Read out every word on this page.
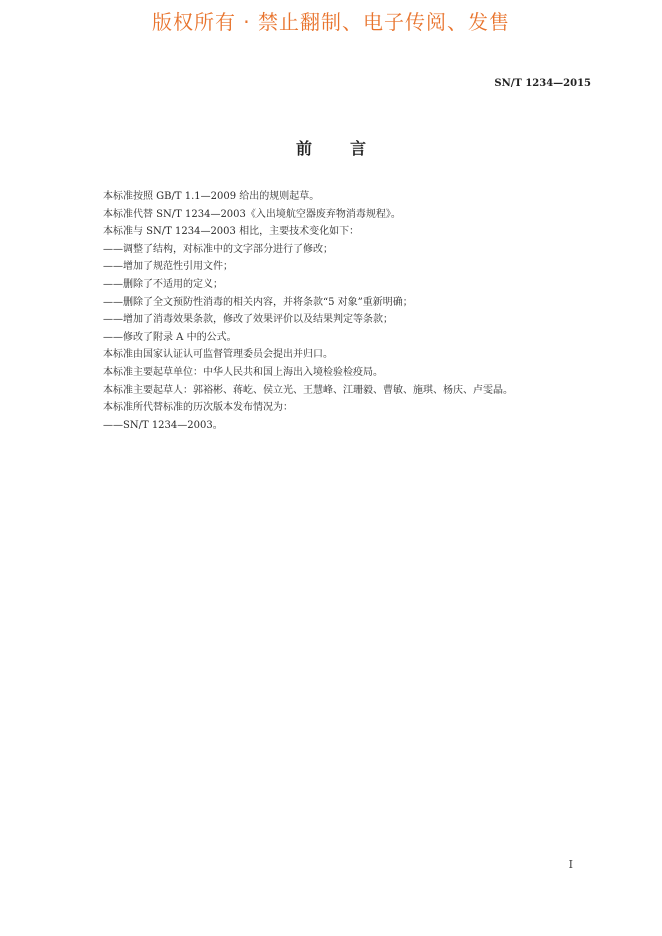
版权所有 · 禁止翻制、电子传阅、发售
SN/T 1234—2015
前言
本标准按照 GB/T 1.1—2009 给出的规则起草。
本标准代替 SN/T 1234—2003《入出境航空器废弃物消毒规程》。
本标准与 SN/T 1234—2003 相比，主要技术变化如下：
——调整了结构，对标准中的文字部分进行了修改；
——增加了规范性引用文件；
——删除了不适用的定义；
——删除了全文预防性消毒的相关内容，并将条款“5 对象”重新明确；
——增加了消毒效果条款，修改了效果评价以及结果判定等条款；
——修改了附录 A 中的公式。
本标准由国家认证认可监督管理委员会提出并归口。
本标准主要起草单位：中华人民共和国上海出入境检验检疫局。
本标准主要起草人：郭裕彬、蒋屹、侯立光、王慧峰、江珊毅、曹敏、施琪、杨庆、卢雯晶。
本标准所代替标准的历次版本发布情况为：
——SN/T 1234—2003。
I
